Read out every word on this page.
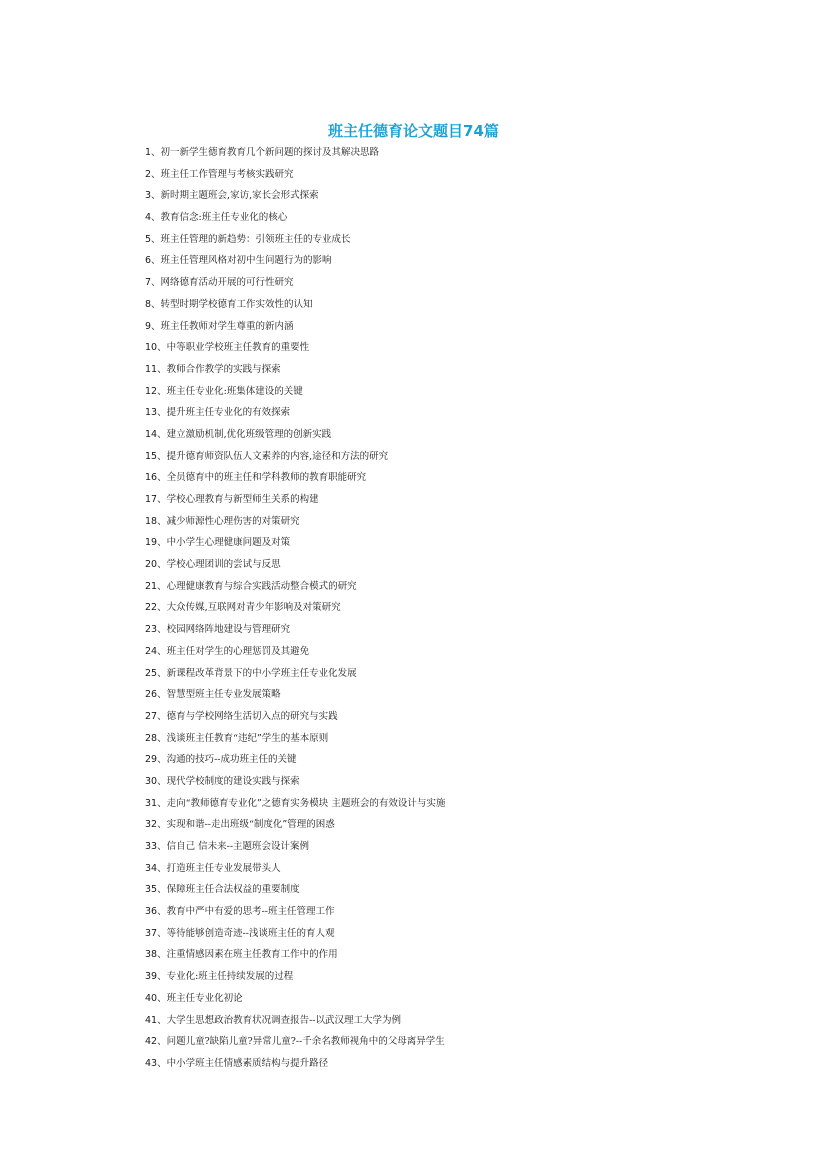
班主任德育论文题目74篇
1、初一新学生德育教育几个新问题的探讨及其解决思路
2、班主任工作管理与考核实践研究
3、新时期主题班会,家访,家长会形式探索
4、教育信念:班主任专业化的核心
5、班主任管理的新趋势：引领班主任的专业成长
6、班主任管理风格对初中生问题行为的影响
7、网络德育活动开展的可行性研究
8、转型时期学校德育工作实效性的认知
9、班主任教师对学生尊重的新内涵
10、中等职业学校班主任教育的重要性
11、教师合作教学的实践与探索
12、班主任专业化:班集体建设的关键
13、提升班主任专业化的有效探索
14、建立激励机制,优化班级管理的创新实践
15、提升德育师资队伍人文素养的内容,途径和方法的研究
16、全员德育中的班主任和学科教师的教育职能研究
17、学校心理教育与新型师生关系的构建
18、减少师源性心理伤害的对策研究
19、中小学生心理健康问题及对策
20、学校心理团训的尝试与反思
21、心理健康教育与综合实践活动整合模式的研究
22、大众传媒,互联网对青少年影响及对策研究
23、校园网络阵地建设与管理研究
24、班主任对学生的心理惩罚及其避免
25、新课程改革背景下的中小学班主任专业化发展
26、智慧型班主任专业发展策略
27、德育与学校网络生活切入点的研究与实践
28、浅谈班主任教育“违纪”学生的基本原则
29、沟通的技巧--成功班主任的关键
30、现代学校制度的建设实践与探索
31、走向“教师德育专业化”之德育实务模块 主题班会的有效设计与实施
32、实现和谐--走出班级“制度化”管理的困惑
33、信自己 信未来--主题班会设计案例
34、打造班主任专业发展带头人
35、保障班主任合法权益的重要制度
36、教育中严中有爱的思考--班主任管理工作
37、等待能够创造奇迹--浅谈班主任的育人观
38、注重情感因素在班主任教育工作中的作用
39、专业化:班主任持续发展的过程
40、班主任专业化初论
41、大学生思想政治教育状况调查报告--以武汉理工大学为例
42、问题儿童?缺陷儿童?异常儿童?--千余名教师视角中的父母离异学生
43、中小学班主任情感素质结构与提升路径
